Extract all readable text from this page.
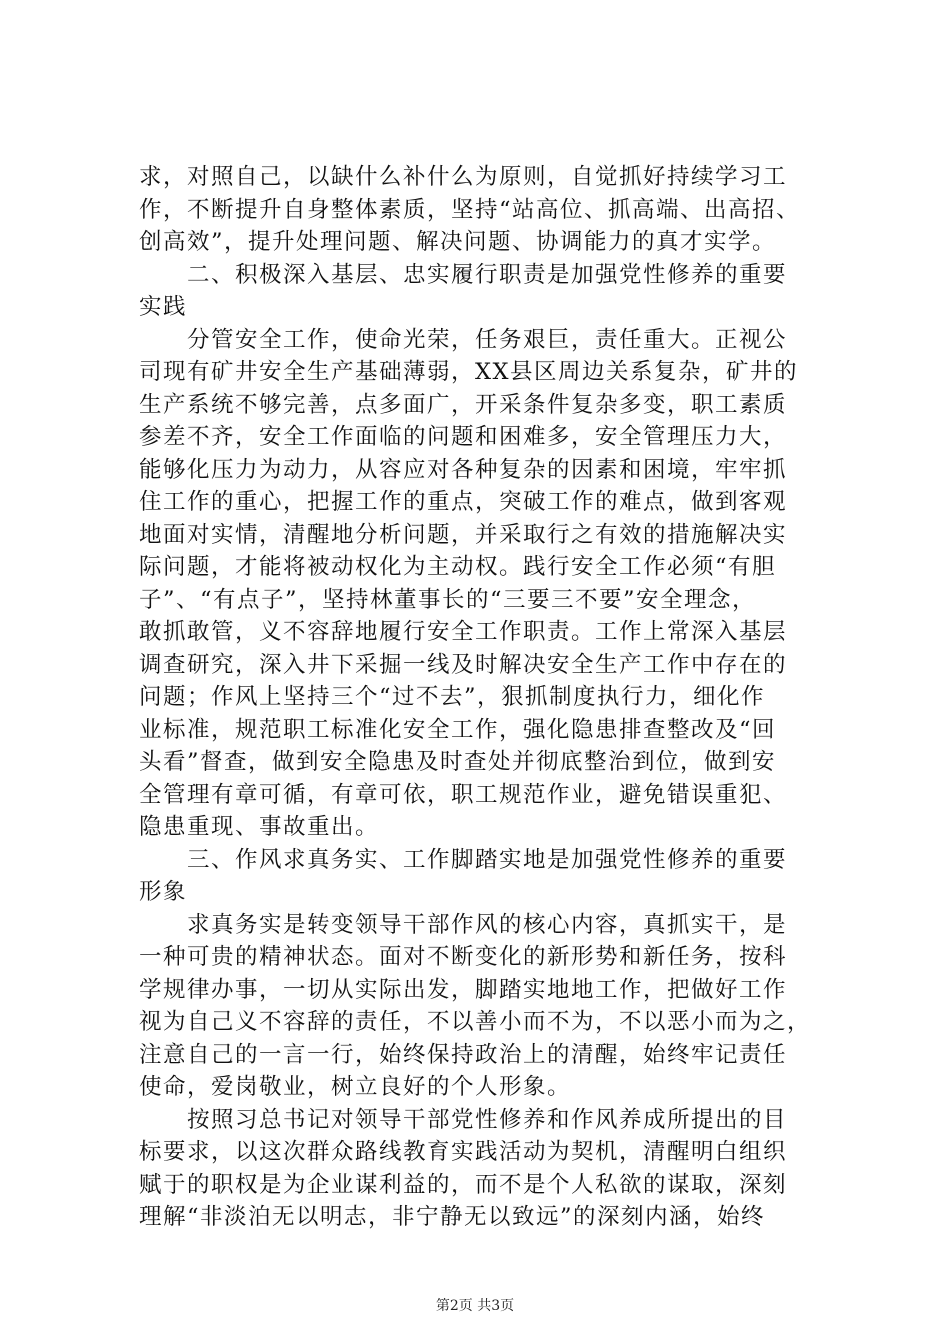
求，对照自己，以缺什么补什么为原则，自觉抓好持续学习工
作，不断提升自身整体素质，坚持“站高位、抓高端、出高招、
创高效”，提升处理问题、解决问题、协调能力的真才实学。
　　二、积极深入基层、忠实履行职责是加强党性修养的重要
实践
　　分管安全工作，使命光荣，任务艰巨，责任重大。正视公
司现有矿井安全生产基础薄弱，XX县区周边关系复杂，矿井的
生产系统不够完善，点多面广，开采条件复杂多变，职工素质
参差不齐，安全工作面临的问题和困难多，安全管理压力大，
能够化压力为动力，从容应对各种复杂的因素和困境，牢牢抓
住工作的重心，把握工作的重点，突破工作的难点，做到客观
地面对实情，清醒地分析问题，并采取行之有效的措施解决实
际问题，才能将被动权化为主动权。践行安全工作必须“有胆
子”、“有点子”，坚持林董事长的“三要三不要”安全理念，
敢抓敢管，义不容辞地履行安全工作职责。工作上常深入基层
调查研究，深入井下采掘一线及时解决安全生产工作中存在的
问题；作风上坚持三个“过不去”，狠抓制度执行力，细化作
业标准，规范职工标准化安全工作，强化隐患排查整改及“回
头看”督查，做到安全隐患及时查处并彻底整治到位，做到安
全管理有章可循，有章可依，职工规范作业，避免错误重犯、
隐患重现、事故重出。
　　三、作风求真务实、工作脚踏实地是加强党性修养的重要
形象
　　求真务实是转变领导干部作风的核心内容，真抓实干，是
一种可贵的精神状态。面对不断变化的新形势和新任务，按科
学规律办事，一切从实际出发，脚踏实地地工作，把做好工作
视为自己义不容辞的责任，不以善小而不为，不以恶小而为之，
注意自己的一言一行，始终保持政治上的清醒，始终牢记责任
使命，爱岗敬业，树立良好的个人形象。
　　按照习总书记对领导干部党性修养和作风养成所提出的目
标要求，以这次群众路线教育实践活动为契机，清醒明白组织
赋于的职权是为企业谋利益的，而不是个人私欲的谋取，深刻
理解“非淡泊无以明志，非宁静无以致远”的深刻内涵，始终
第2页 共3页
